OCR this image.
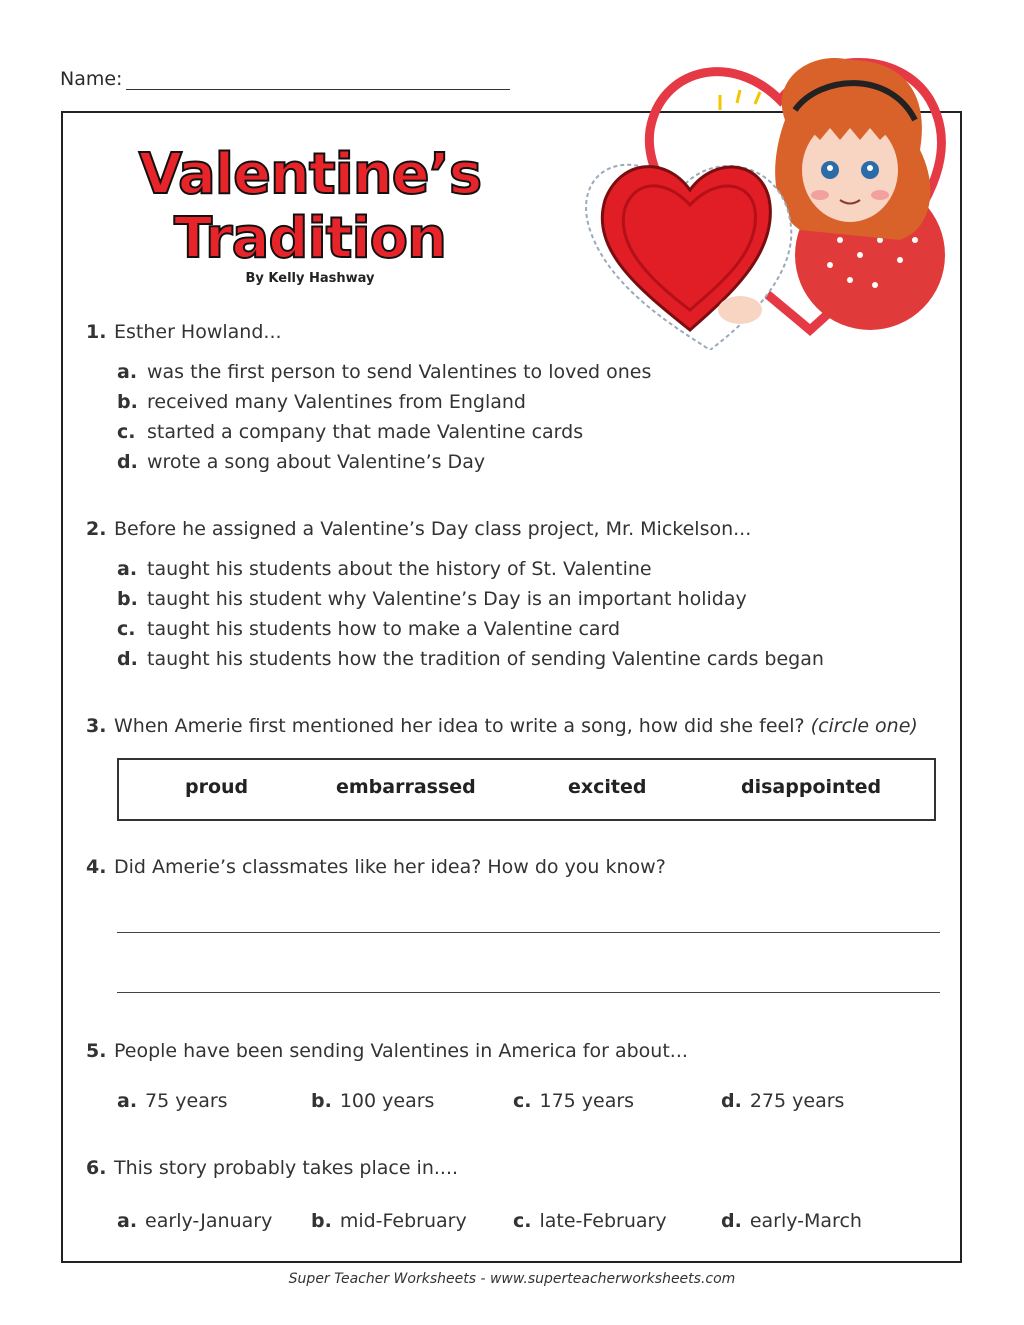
Name:
Valentine’s
Tradition
By Kelly Hashway
1. Esther Howland...
a. was the first person to send Valentines to loved ones
b. received many Valentines from England
c. started a company that made Valentine cards
d. wrote a song about Valentine’s Day
2. Before he assigned a Valentine’s Day class project, Mr. Mickelson...
a. taught his students about the history of St. Valentine
b. taught his student why Valentine’s Day is an important holiday
c. taught his students how to make a Valentine card
d. taught his students how the tradition of sending Valentine cards began
3. When Amerie first mentioned her idea to write a song, how did she feel? (circle one)
proud	embarrassed	excited	disappointed
4. Did Amerie’s classmates like her idea? How do you know?
5. People have been sending Valentines in America for about...
a. 75 years	b. 100 years	c. 175 years	d. 275 years
6. This story probably takes place in....
a. early-January b. mid-February c. late-February	d. early-March
Super Teacher Worksheets - www.superteacherworksheets.com
